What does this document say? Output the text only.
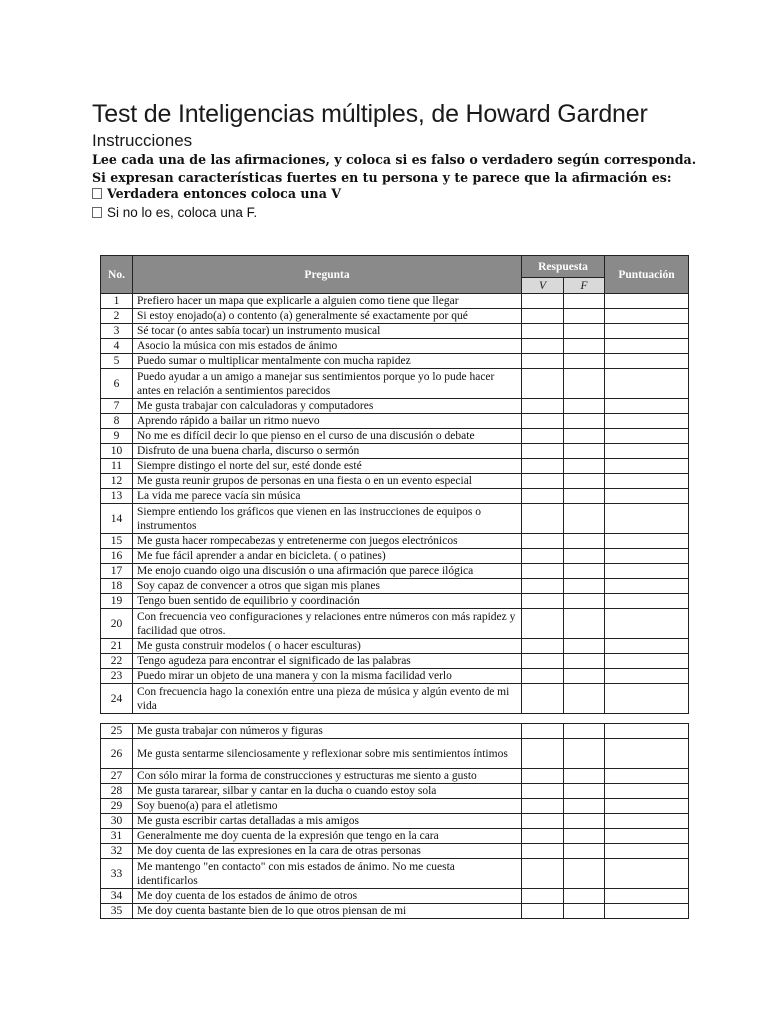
Test de Inteligencias múltiples, de Howard Gardner
Instrucciones
Lee cada una de las afirmaciones, y coloca si es falso o verdadero según corresponda.
Si expresan características fuertes en tu persona y te parece que la afirmación es:
Verdadera entonces coloca una V
Si no lo es, coloca una F.
No.	Pregunta	Respuesta		Puntuación
		V	F	
1	Prefiero hacer un mapa que explicarle a alguien como tiene que llegar			
2	Si estoy enojado(a) o contento (a) generalmente sé exactamente por qué			
3	Sé tocar (o antes sabía tocar) un instrumento musical			
4	Asocio la música con mis estados de ánimo			
5	Puedo sumar o multiplicar mentalmente con mucha rapidez			
6	Puedo ayudar a un amigo a manejar sus sentimientos porque yo lo pude hacer antes en relación a sentimientos parecidos			
7	Me gusta trabajar con calculadoras y computadores			
8	Aprendo rápido a bailar un ritmo nuevo			
9	No me es difícil decir lo que pienso en el curso de una discusión o debate			
10	Disfruto de una buena charla, discurso o sermón			
11	Siempre distingo el norte del sur, esté donde esté			
12	Me gusta reunir grupos de personas en una fiesta o en un evento especial			
13	La vida me parece vacía sin música			
14	Siempre entiendo los gráficos que vienen en las instrucciones de equipos o instrumentos			
15	Me gusta hacer rompecabezas y entretenerme con juegos electrónicos			
16	Me fue fácil aprender a andar en bicicleta. ( o patines)			
17	Me enojo cuando oigo una discusión o una afirmación que parece ilógica			
18	Soy capaz de convencer a otros que sigan mis planes			
19	Tengo buen sentido de equilibrio y coordinación			
20	Con frecuencia veo configuraciones y relaciones entre números con más rapidez y facilidad que otros.			
21	Me gusta construir modelos ( o hacer esculturas)			
22	Tengo agudeza para encontrar el significado de las palabras			
23	Puedo mirar un objeto de una manera y con la misma facilidad verlo			
24	Con frecuencia hago la conexión entre una pieza de música y algún evento de mi vida			
25	Me gusta trabajar con números y figuras			
26	Me gusta sentarme silenciosamente y reflexionar sobre mis sentimientos íntimos			
27	Con sólo mirar la forma de construcciones y estructuras me siento a gusto			
28	Me gusta tararear, silbar y cantar en la ducha o cuando estoy sola			
29	Soy bueno(a) para el atletismo			
30	Me gusta escribir cartas detalladas a mis amigos			
31	Generalmente me doy cuenta de la expresión que tengo en la cara			
32	Me doy cuenta de las expresiones en la cara de otras personas			
33	Me mantengo "en contacto" con mis estados de ánimo. No me cuesta identificarlos			
34	Me doy cuenta de los estados de ánimo de otros			
35	Me doy cuenta bastante bien de lo que otros piensan de mi			
